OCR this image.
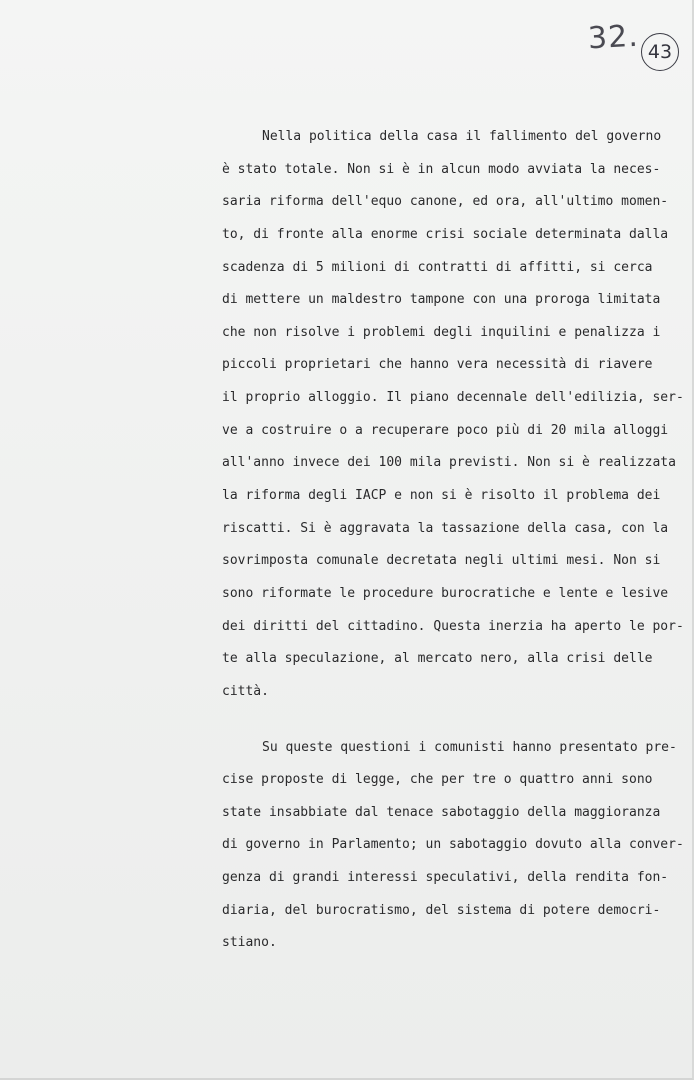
32. 43
Nella politica della casa il fallimento del governo
è stato totale. Non si è in alcun modo avviata la neces-
saria riforma dell'equo canone, ed ora, all'ultimo momen-
to, di fronte alla enorme crisi sociale determinata dalla
scadenza di 5 milioni di contratti di affitti, si cerca
di mettere un maldestro tampone con una proroga limitata
che non risolve i problemi degli inquilini e penalizza i
piccoli proprietari che hanno vera necessità di riavere
il proprio alloggio. Il piano decennale dell'edilizia, ser-
ve a costruire o a recuperare poco più di 20 mila alloggi
all'anno invece dei 100 mila previsti. Non si è realizzata
la riforma degli IACP e non si è risolto il problema dei
riscatti. Si è aggravata la tassazione della casa, con la
sovrimposta comunale decretata negli ultimi mesi. Non si
sono riformate le procedure burocratiche e lente e lesive
dei diritti del cittadino. Questa inerzia ha aperto le por-
te alla speculazione, al mercato nero, alla crisi delle
città.
Su queste questioni i comunisti hanno presentato pre-
cise proposte di legge, che per tre o quattro anni sono
state insabbiate dal tenace sabotaggio della maggioranza
di governo in Parlamento; un sabotaggio dovuto alla conver-
genza di grandi interessi speculativi, della rendita fon-
diaria, del burocratismo, del sistema di potere democri-
stiano.
